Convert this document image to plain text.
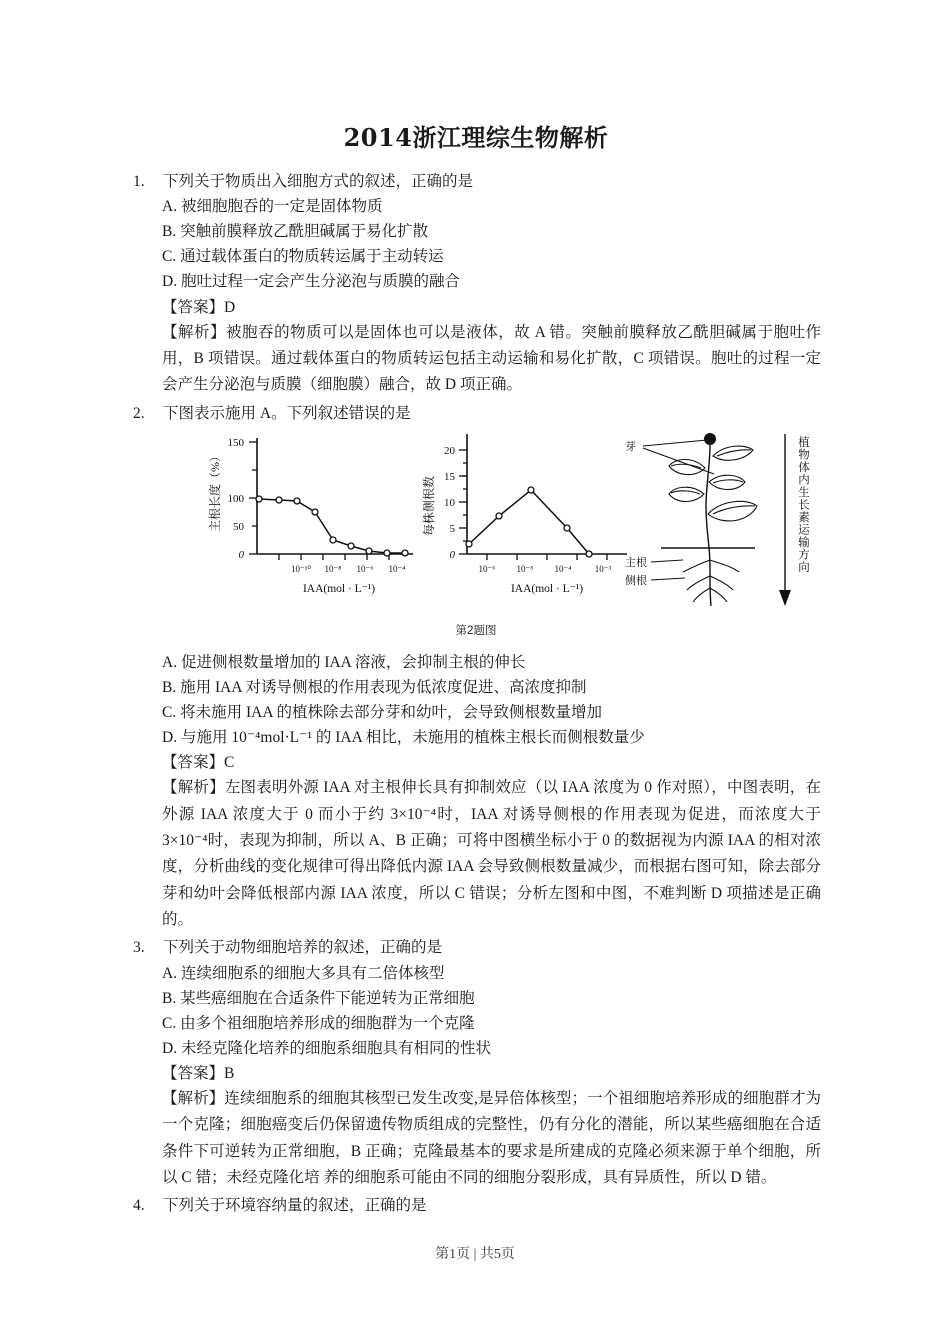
2014浙江理综生物解析
1.	下列关于物质出入细胞方式的叙述，正确的是
A. 被细胞胞吞的一定是固体物质
B. 突触前膜释放乙酰胆碱属于易化扩散
C. 通过载体蛋白的物质转运属于主动转运
D. 胞吐过程一定会产生分泌泡与质膜的融合
【答案】D
【解析】被胞吞的物质可以是固体也可以是液体，故 A 错。突触前膜释放乙酰胆碱属于胞吐作用，B 项错误。通过载体蛋白的物质转运包括主动运输和易化扩散，C 项错误。胞吐的过程一定会产生分泌泡与质膜（细胞膜）融合，故 D 项正确。
2.	下图表示施用 A。下列叙述错误的是
150
100
50
0
10⁻¹⁰ 10⁻⁸ 10⁻⁶ 10⁻⁴
主根长度（%）
IAA(mol · L⁻¹)
20
15
10
5
0
10⁻⁶ 10⁻⁵ 10⁻⁴	10⁻³
每株侧根数
IAA(mol · L⁻¹)
芽
主根
侧根
植物体内生长素运输方向
第2题图
A. 促进侧根数量增加的 IAA 溶液，会抑制主根的伸长
B. 施用 IAA 对诱导侧根的作用表现为低浓度促进、高浓度抑制
C. 将未施用 IAA 的植株除去部分芽和幼叶，会导致侧根数量增加
D. 与施用 10⁻⁴mol·L⁻¹ 的 IAA 相比，未施用的植株主根长而侧根数量少
【答案】C
【解析】左图表明外源 IAA 对主根伸长具有抑制效应（以 IAA 浓度为 0 作对照），中图表明，在外源 IAA 浓度大于 0 而小于约 3×10⁻⁴时，IAA 对诱导侧根的作用表现为促进，而浓度大于 3×10⁻⁴时，表现为抑制，所以 A、B 正确；可将中图横坐标小于 0 的数据视为内源 IAA 的相对浓度，分析曲线的变化规律可得出降低内源 IAA 会导致侧根数量减少，而根据右图可知，除去部分芽和幼叶会降低根部内源 IAA 浓度，所以 C 错误；分析左图和中图，不难判断 D 项描述是正确的。
3.	下列关于动物细胞培养的叙述，正确的是
A. 连续细胞系的细胞大多具有二倍体核型
B. 某些癌细胞在合适条件下能逆转为正常细胞
C. 由多个祖细胞培养形成的细胞群为一个克隆
D. 未经克隆化培养的细胞系细胞具有相同的性状
【答案】B
【解析】连续细胞系的细胞其核型已发生改变,是异倍体核型；一个祖细胞培养形成的细胞群才为一个克隆；细胞癌变后仍保留遗传物质组成的完整性，仍有分化的潜能，所以某些癌细胞在合适条件下可逆转为正常细胞，B 正确；克隆最基本的要求是所建成的克隆必须来源于单个细胞，所以 C 错；未经克隆化培 养的细胞系可能由不同的细胞分裂形成，具有异质性，所以 D 错。
4.	下列关于环境容纳量的叙述，正确的是
第1页 | 共5页
